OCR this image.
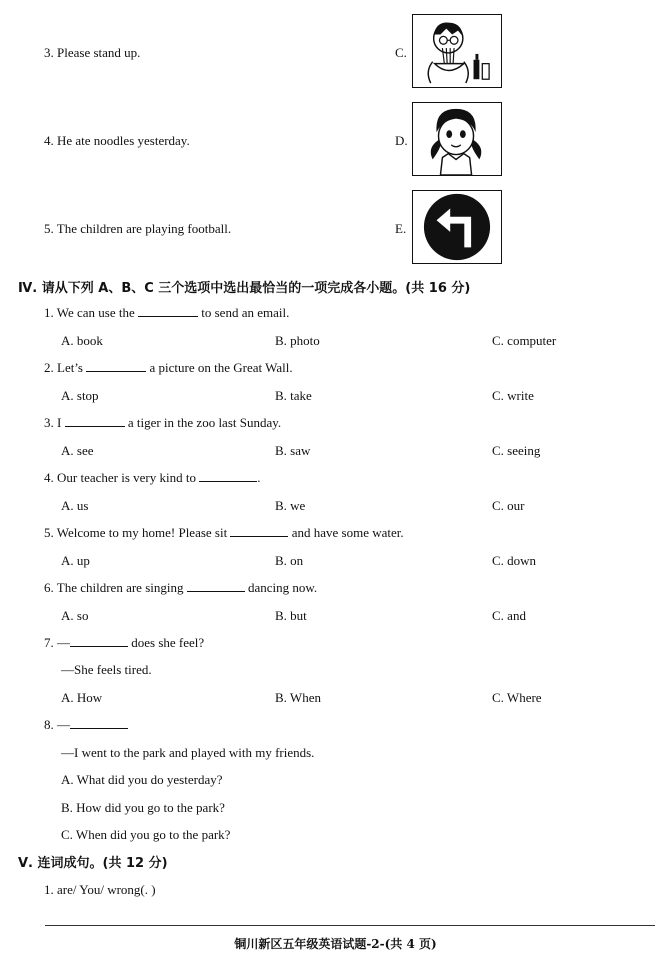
3. Please stand up.	C.
4. He ate noodles yesterday.	D.
5. The children are playing football.	E.
Ⅳ. 请从下列 A、B、C 三个选项中选出最恰当的一项完成各小题。(共 16 分)
1. We can use the	to send an email.
A. book	B. photo	C. computer
2. Let’s	a picture on the Great Wall.
A. stop	B. take	C. write
3. I	a tiger in the zoo last Sunday.
A. see	B. saw	C. seeing
4. Our teacher is very kind to	.
A. us	B. we	C. our
5. Welcome to my home! Please sit	and have some water.
A. up	B. on	C. down
6. The children are singing	dancing now.
A. so	B. but	C. and
7. —	does she feel?
—She feels tired.
A. How	B. When	C. Where
8. —
—I went to the park and played with my friends.
A. What did you do yesterday?
B. How did you go to the park?
C. When did you go to the park?
Ⅴ. 连词成句。(共 12 分)
1. are/ You/ wrong(. )
铜川新区五年级英语试题-2-(共 4 页)
